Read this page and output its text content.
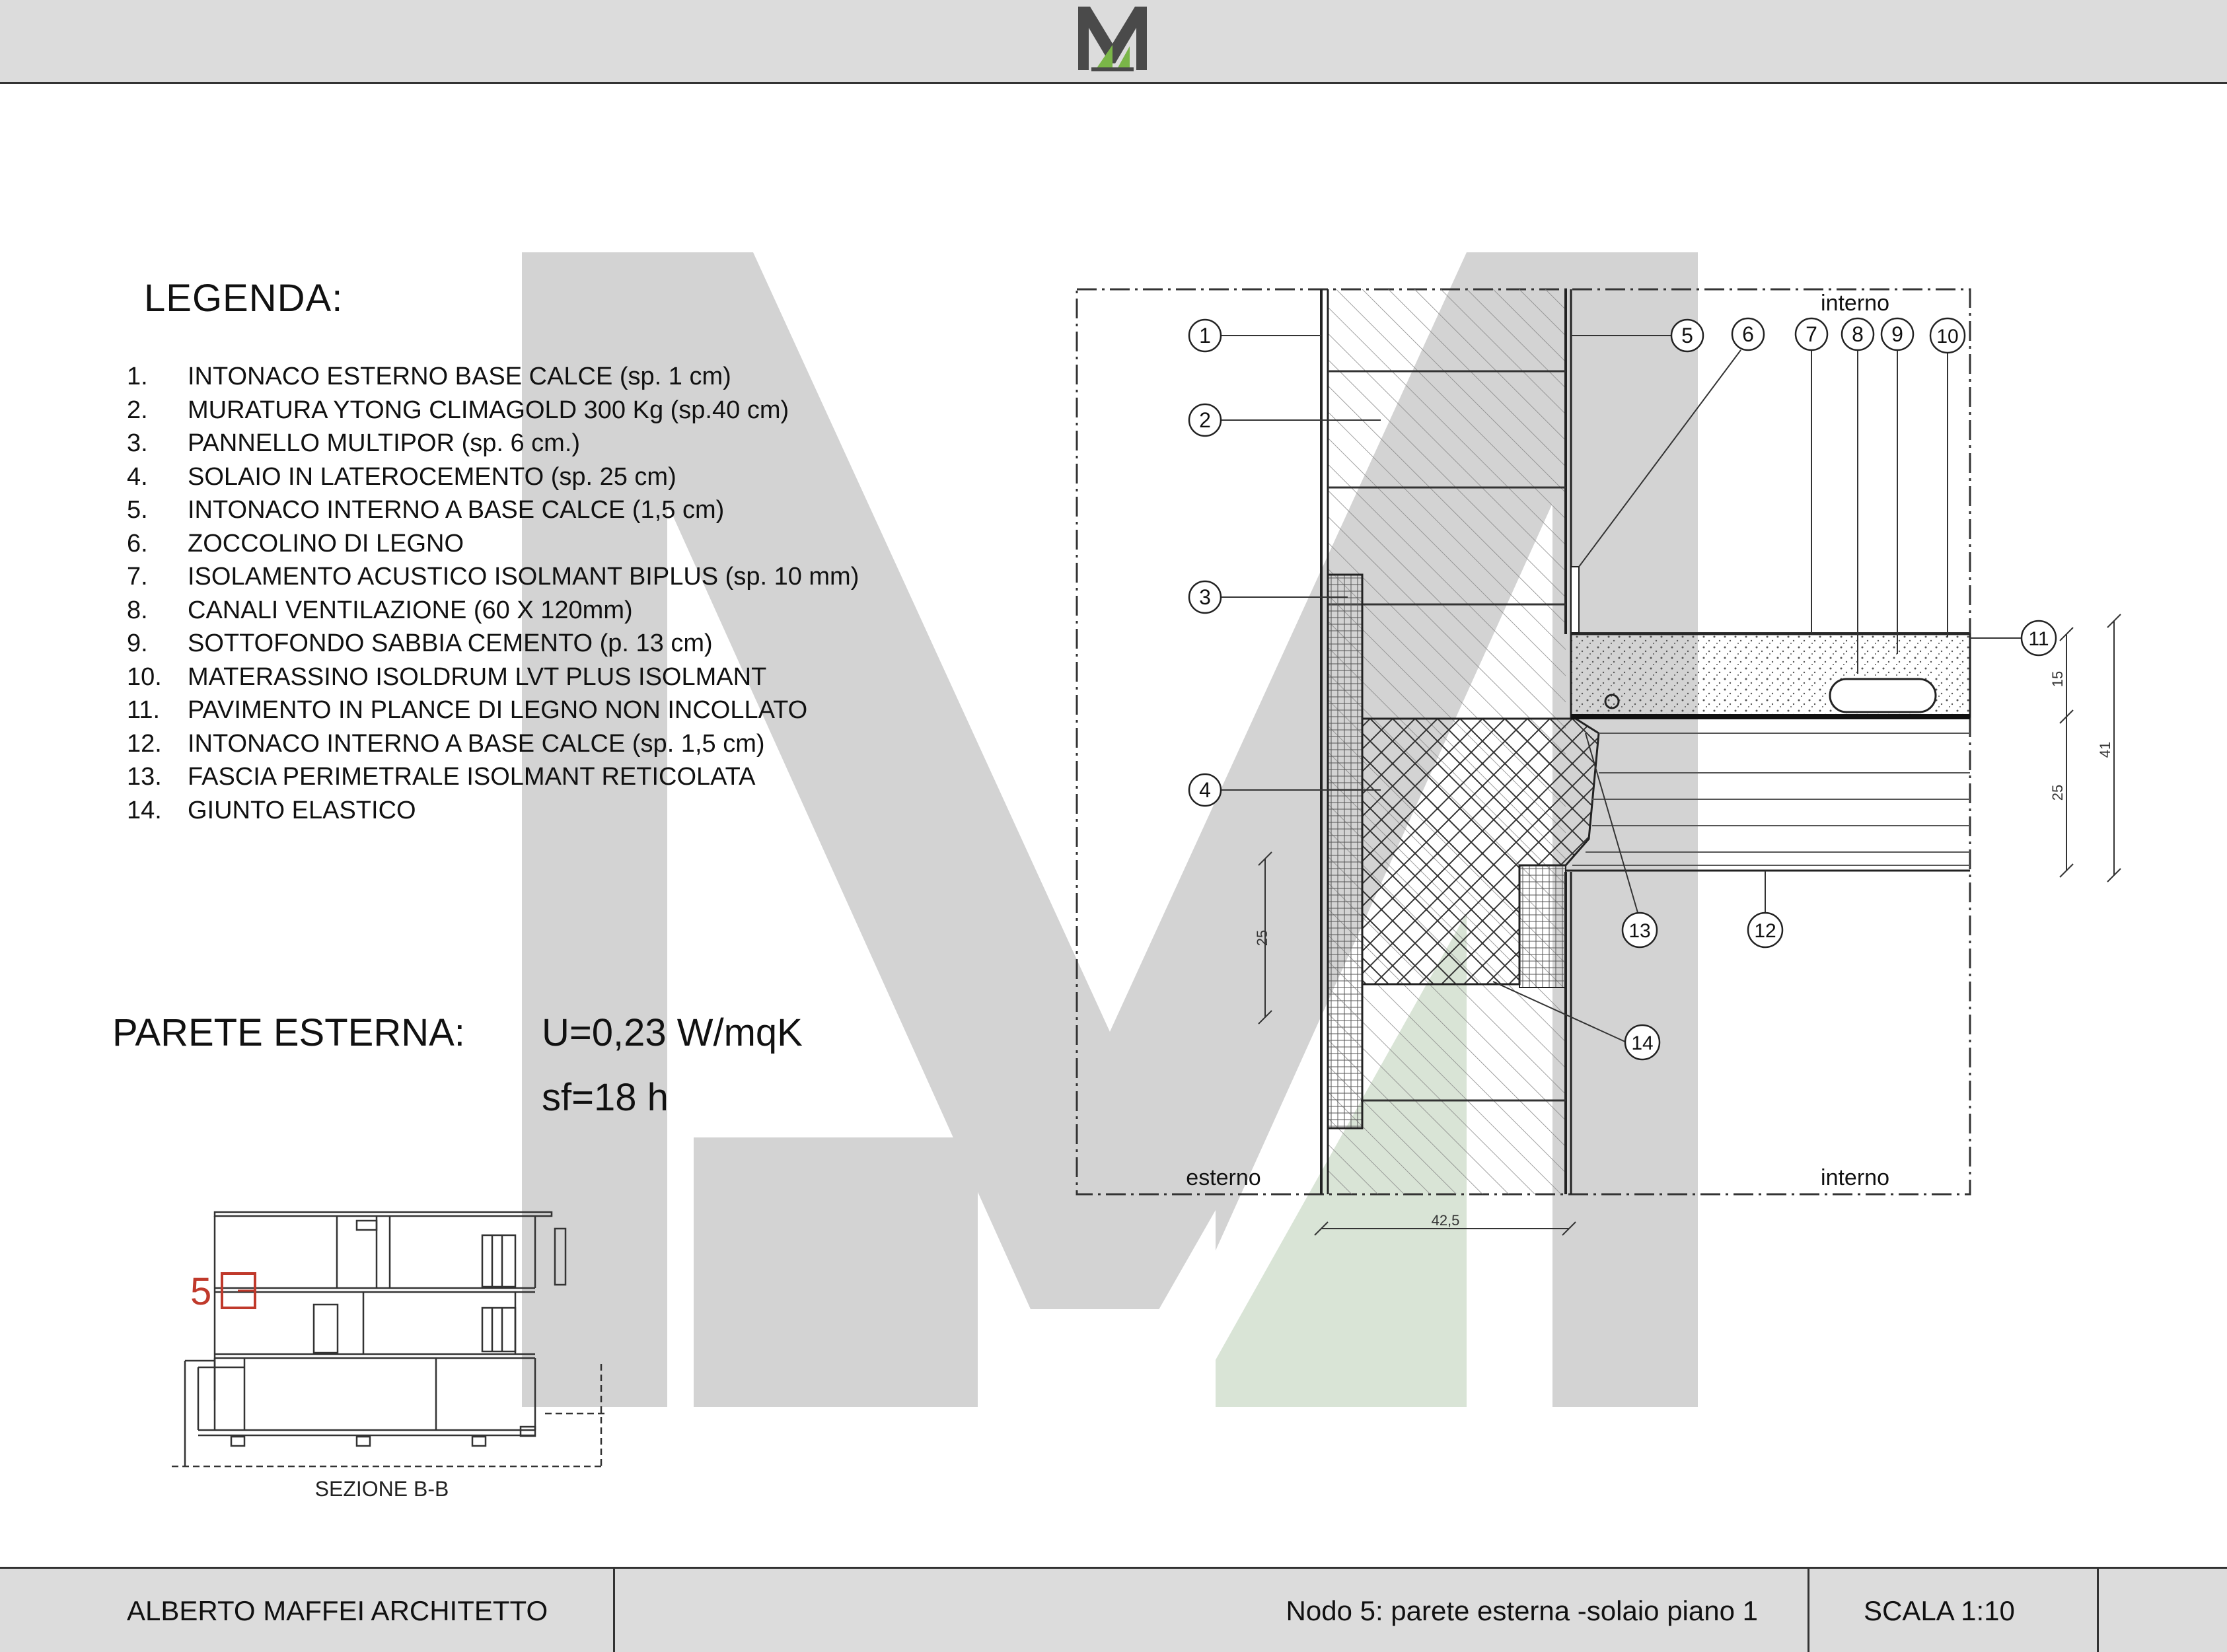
LEGENDA:
1. INTONACO ESTERNO BASE CALCE (sp. 1 cm)
2. MURATURA YTONG CLIMAGOLD 300 Kg (sp.40 cm)
3. PANNELLO MULTIPOR (sp. 6 cm.)
4. SOLAIO IN LATEROCEMENTO (sp. 25 cm)
5. INTONACO INTERNO A BASE CALCE (1,5 cm)
6. ZOCCOLINO DI LEGNO
7. ISOLAMENTO ACUSTICO ISOLMANT BIPLUS (sp. 10 mm)
8. CANALI VENTILAZIONE (60 X 120mm)
9. SOTTOFONDO SABBIA CEMENTO (p. 13 cm)
10. MATERASSINO ISOLDRUM LVT PLUS ISOLMANT
11. PAVIMENTO IN PLANCE DI LEGNO NON INCOLLATO
12. INTONACO INTERNO A BASE CALCE (sp. 1,5 cm)
13. FASCIA PERIMETRALE ISOLMANT RETICOLATA
14. GIUNTO ELASTICO
PARETE ESTERNA: U=0,23 W/mqK
sf=18 h
5
SEZIONE B-B
25
42,5
15
25
41
1
2
3
4
5 6 7 8 9 10
11
12
13
14
interno
esterno	interno
ALBERTO MAFFEI ARCHITETTO	Nodo 5: parete esterna -solaio piano 1	SCALA 1:10
